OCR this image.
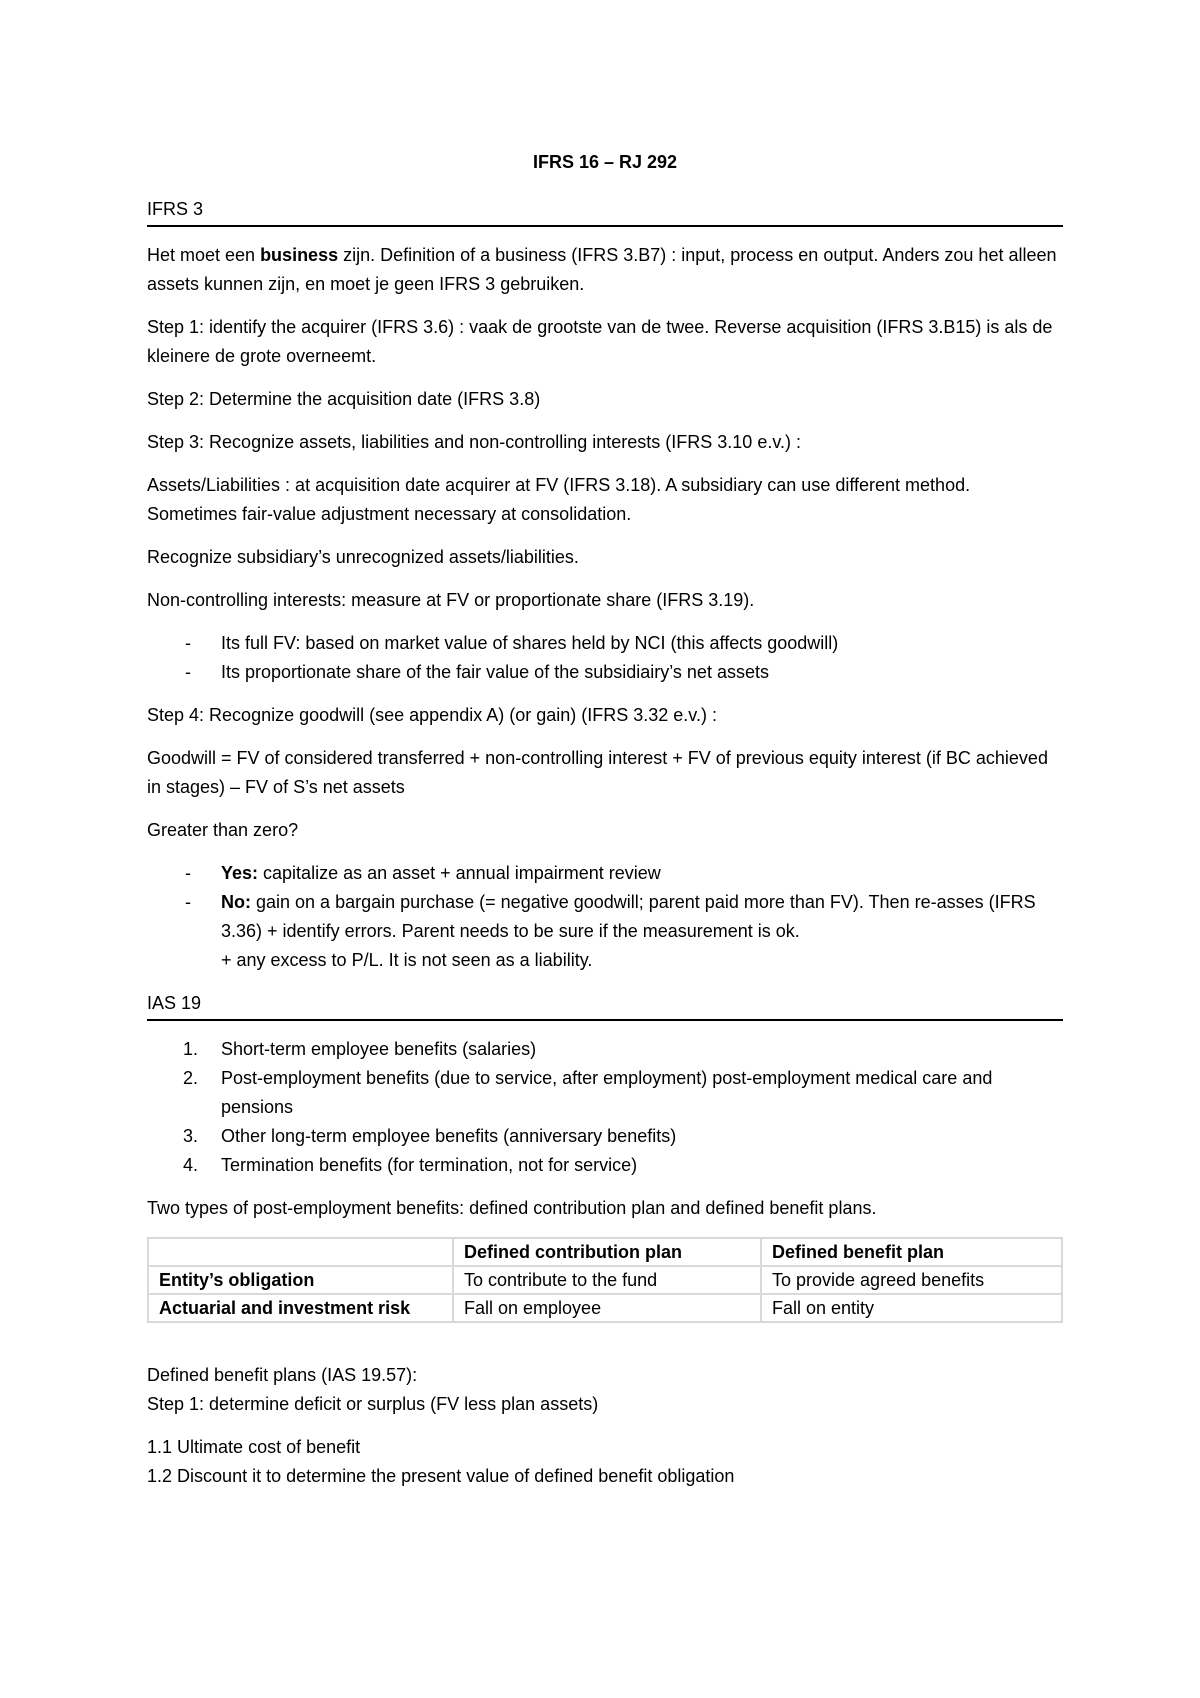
IFRS 16 – RJ 292

IFRS 3

Het moet een business zijn. Definition of a business (IFRS 3.B7) : input, process en output. Anders zou het alleen assets kunnen zijn, en moet je geen IFRS 3 gebruiken.

Step 1: identify the acquirer (IFRS 3.6) : vaak de grootste van de twee. Reverse acquisition (IFRS 3.B15) is als de kleinere de grote overneemt.

Step 2: Determine the acquisition date (IFRS 3.8)

Step 3: Recognize assets, liabilities and non-controlling interests (IFRS 3.10 e.v.) :

Assets/Liabilities : at acquisition date acquirer at FV (IFRS 3.18). A subsidiary can use different method. Sometimes fair-value adjustment necessary at consolidation.

Recognize subsidiary’s unrecognized assets/liabilities.

Non-controlling interests: measure at FV or proportionate share (IFRS 3.19).

- Its full FV: based on market value of shares held by NCI (this affects goodwill)
- Its proportionate share of the fair value of the subsidiairy’s net assets

Step 4: Recognize goodwill (see appendix A) (or gain) (IFRS 3.32 e.v.) :

Goodwill = FV of considered transferred + non-controlling interest + FV of previous equity interest (if BC achieved in stages) – FV of S’s net assets

Greater than zero?

- Yes: capitalize as an asset + annual impairment review
- No: gain on a bargain purchase (= negative goodwill; parent paid more than FV). Then re-asses (IFRS 3.36) + identify errors. Parent needs to be sure if the measurement is ok.
+ any excess to P/L. It is not seen as a liability.
IAS 19
1. Short-term employee benefits (salaries)
2. Post-employment benefits (due to service, after employment) post-employment medical care and pensions
3. Other long-term employee benefits (anniversary benefits)
4. Termination benefits (for termination, not for service)

Two types of post-employment benefits: defined contribution plan and defined benefit plans.

	Defined contribution plan	Defined benefit plan
Entity’s obligation	To contribute to the fund	To provide agreed benefits
Actuarial and investment risk	Fall on employee	Fall on entity

Defined benefit plans (IAS 19.57):

Step 1: determine deficit or surplus (FV less plan assets)

1.1 Ultimate cost of benefit

1.2 Discount it to determine the present value of defined benefit obligation
